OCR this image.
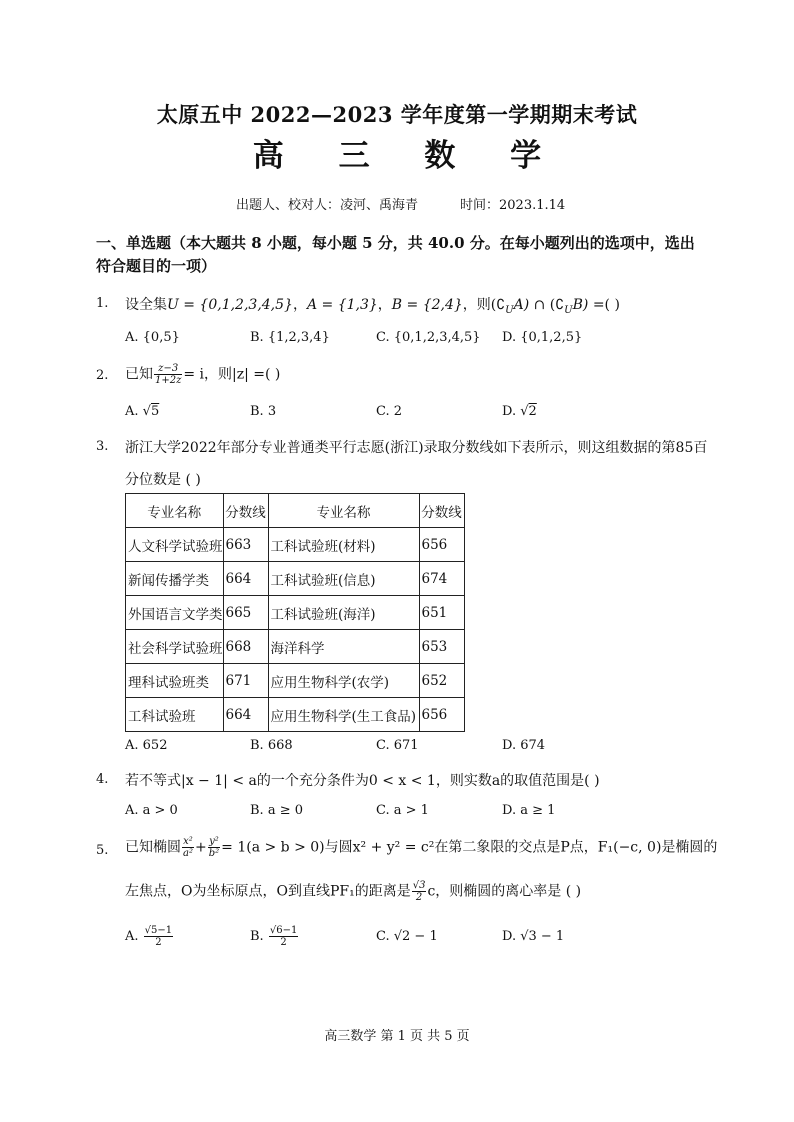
太原五中 2022—2023 学年度第一学期期末考试
高 三 数 学
出题人、校对人：凌河、禹海青	时间：2023.1.14
一、单选题（本大题共 8 小题，每小题 5 分，共 40.0 分。在每小题列出的选项中，选出符合题目的一项）
1. 设全集U = {0,1,2,3,4,5}，A = {1,3}，B = {2,4}，则$(∁_UA)$ ∩ $(∁_UB)$ =( )
A. {0,5}	B. {1,2,3,4}	C. {0,1,2,3,4,5} D. {0,1,2,5}
2. 已知 $\frac{z-3}{1+2z} = i$，则|z| =( )
A. √5	B. 3	C. 2	D. √2
3. 浙江大学2022年部分专业普通类平行志愿(浙江)录取分数线如下表所示，则这组数据的第85百
分位数是 ( )
专业名称	分数线	专业名称	分数线
人文科学试验班	663	工科试验班(材料)	656
新闻传播学类	664	工科试验班(信息)	674
外国语言文学类	665	工科试验班(海洋)	651
社会科学试验班	668	海洋科学	653
理科试验班类	671	应用生物科学(农学)	652
工科试验班	664	应用生物科学(生工食品)	656
A. 652	B. 668	C. 671	D. 674
4. 若不等式|x − 1| < a的一个充分条件为0 < x < 1，则实数a的取值范围是( )
A. a > 0	B. a ≥ 0	C. a > 1	D. a ≥ 1
5. 已知椭圆 $\frac{\text{x²}}{\text{a²}} + \frac{\text{y²}}{\text{b²}} = 1(a > b > 0)$与圆x² + y² = c²在第二象限的交点是P点，F₁(−c, 0)是椭圆的
左焦点，O为坐标原点，O到直线PF₁的距离是 $\frac{√3}{2}$ c，则椭圆的离心率是 ( )
A. $\frac{√5-1}{2}$	B. $\frac{√6-1}{2}$	C. √2 − 1	D. √3 − 1
高三数学 第 1 页 共 5 页
